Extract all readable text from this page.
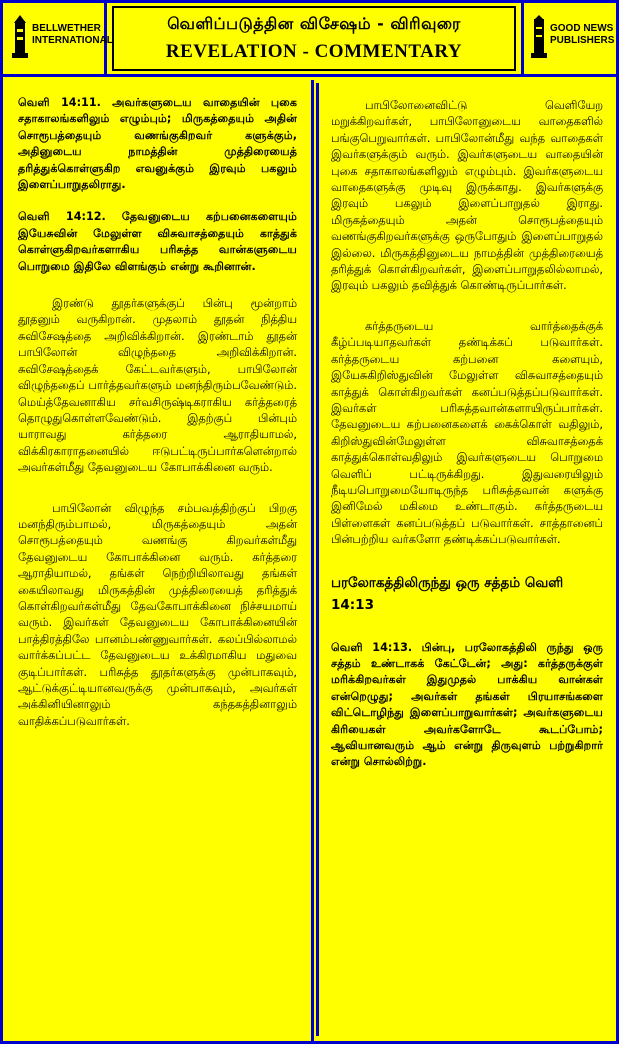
BELLWETHER INTERNATIONAL
வெளிப்படுத்தின விசேஷம் - விரிவுரை
REVELATION - COMMENTARY
GOOD NEWS PUBLISHERS

வெளி 14:11. அவர்களுடைய வாதையின் புகை சதாகாலங்களிலும் எழும்பும்; மிருகத்தையும் அதின் சொரூபத்தையும் வணங்குகிறவர் களுக்கும், அதினுடைய நாமத்தின் முத்திரையைத் தரித்துக்கொள்ளுகிற எவனுக்கும் இரவும் பகலும் இளைப்பாறுதலிராது.

வெளி 14:12. தேவனுடைய கற்பனைகளையும் இயேசுவின் மேலுள்ள விசுவாசத்தையும் காத்துக் கொள்ளுகிறவர்களாகிய பரிசுத்த வான்களுடைய பொறுமை இதிலே விளங்கும் என்று கூறினான்.

இரண்டு தூதர்களுக்குப் பின்பு மூன்றாம் தூதனும் வருகிறான். முதலாம் தூதன் நித்திய சுவிசேஷத்தை அறிவிக்கிறான். இரண்டாம் தூதன் பாபிலோன் விழுந்ததை அறிவிக்கிறான். சுவிசேஷத்தைக் கேட்டவர்களும், பாபிலோன் விழுந்ததைப் பார்த்தவர்களும் மனந்திரும்பவேண்டும். மெய்த்தேவனாகிய சர்வசிருஷ்டிகராகிய கர்த்தரைத் தொழுதுகொள்ளவேண்டும். இதற்குப் பின்பும் யாராவது கர்த்தரை ஆராதியாமல், விக்கிரகாராதனையில் ஈடுபட்டிருப்பார்களென்றால் அவர்கள்மீது தேவனுடைய கோபாக்கினை வரும்.

பாபிலோன் விழுந்த சம்பவத்திற்குப் பிறகு மனந்திரும்பாமல், மிருகத்தையும் அதன் சொரூபத்தையும் வணங்கு கிறவர்கள்மீது தேவனுடைய கோபாக்கினை வரும். கர்த்தரை ஆராதியாமல், தங்கள் நெற்றியிலாவது தங்கள் கையிலாவது மிருகத்தின் முத்திரையைத் தரித்துக் கொள்கிறவர்கள்மீது தேவகோபாக்கினை நிச்சயமாய் வரும். இவர்கள் தேவனுடைய கோபாக்கினையின் பாத்திரத்திலே பானம்பண்ணுவார்கள். கலப்பில்லாமல் வார்க்கப்பட்ட தேவனுடைய உக்கிரமாகிய மதுவை குடிப்பார்கள். பரிசுத்த தூதர்களுக்கு முன்பாகவும், ஆட்டுக்குட்டியானவருக்கு முன்பாகவும், அவர்கள் அக்கினியினாலும் கந்தகத்தினாலும் வாதிக்கப்படுவார்கள்.

பாபிலோனைவிட்டு வெளியேற மறுக்கிறவர்கள், பாபிலோனுடைய வாதைகளில் பங்குபெறுவார்கள். பாபிலோன்மீது வந்த வாதைகள் இவர்களுக்கும் வரும். இவர்களுடைய வாதையின் புகை சதாகாலங்களிலும் எழும்பும். இவர்களுடைய வாதைகளுக்கு முடிவு இருக்காது. இவர்களுக்கு இரவும் பகலும் இளைப்பாறுதல் இராது. மிருகத்தையும் அதன் சொரூபத்தையும் வணங்குகிறவர்களுக்கு ஒருபோதும் இளைப்பாறுதல் இல்லை. மிருகத்தினுடைய நாமத்தின் முத்திரையைத் தரித்துக் கொள்கிறவர்கள், இளைப்பாறுதலில்லாமல், இரவும் பகலும் தவித்துக் கொண்டிருப்பார்கள்.

கர்த்தருடைய வார்த்தைக்குக் கீழ்ப்படியாதவர்கள் தண்டிக்கப் படுவார்கள். கர்த்தருடைய கற்பனை களையும், இயேசுகிறிஸ்துவின் மேலுள்ள விசுவாசத்தையும் காத்துக் கொள்கிறவர்கள் கனப்படுத்தப்படுவார்கள். இவர்கள் பரிசுத்தவான்களாயிருப்பார்கள். தேவனுடைய கற்பனைகளைக் கைக்கொள் வதிலும், கிறிஸ்துவின்மேலுள்ள விசுவாசத்தைக் காத்துக்கொள்வதிலும் இவர்களுடைய பொறுமை வெளிப் பட்டிருக்கிறது. இதுவரையிலும் நீடியபொறுமையோடிருந்த பரிசுத்தவான் களுக்கு இனிமேல் மகிமை உண்டாகும். கர்த்தருடைய பிள்ளைகள் கனப்படுத்தப் படுவார்கள். சாத்தானைப் பின்பற்றிய வர்களோ தண்டிக்கப்படுவார்கள்.

பரலோகத்திலிருந்து ஒரு சத்தம் வெளி 14:13

வெளி 14:13. பின்பு, பரலோகத்திலி ருந்து ஒரு சத்தம் உண்டாகக் கேட்டேன்; அது: கர்த்தருக்குள் மரிக்கிறவர்கள் இதுமுதல் பாக்கிய வான்கள் என்றெழுது; அவர்கள் தங்கள் பிரயாசங்களை விட்டொழிந்து இளைப்பாறுவார்கள்; அவர்களுடைய கிரியைகள் அவர்களோடே கூடப்போம்; ஆவியானவரும் ஆம் என்று திருவுளம் பற்றுகிறார் என்று சொல்லிற்று.
